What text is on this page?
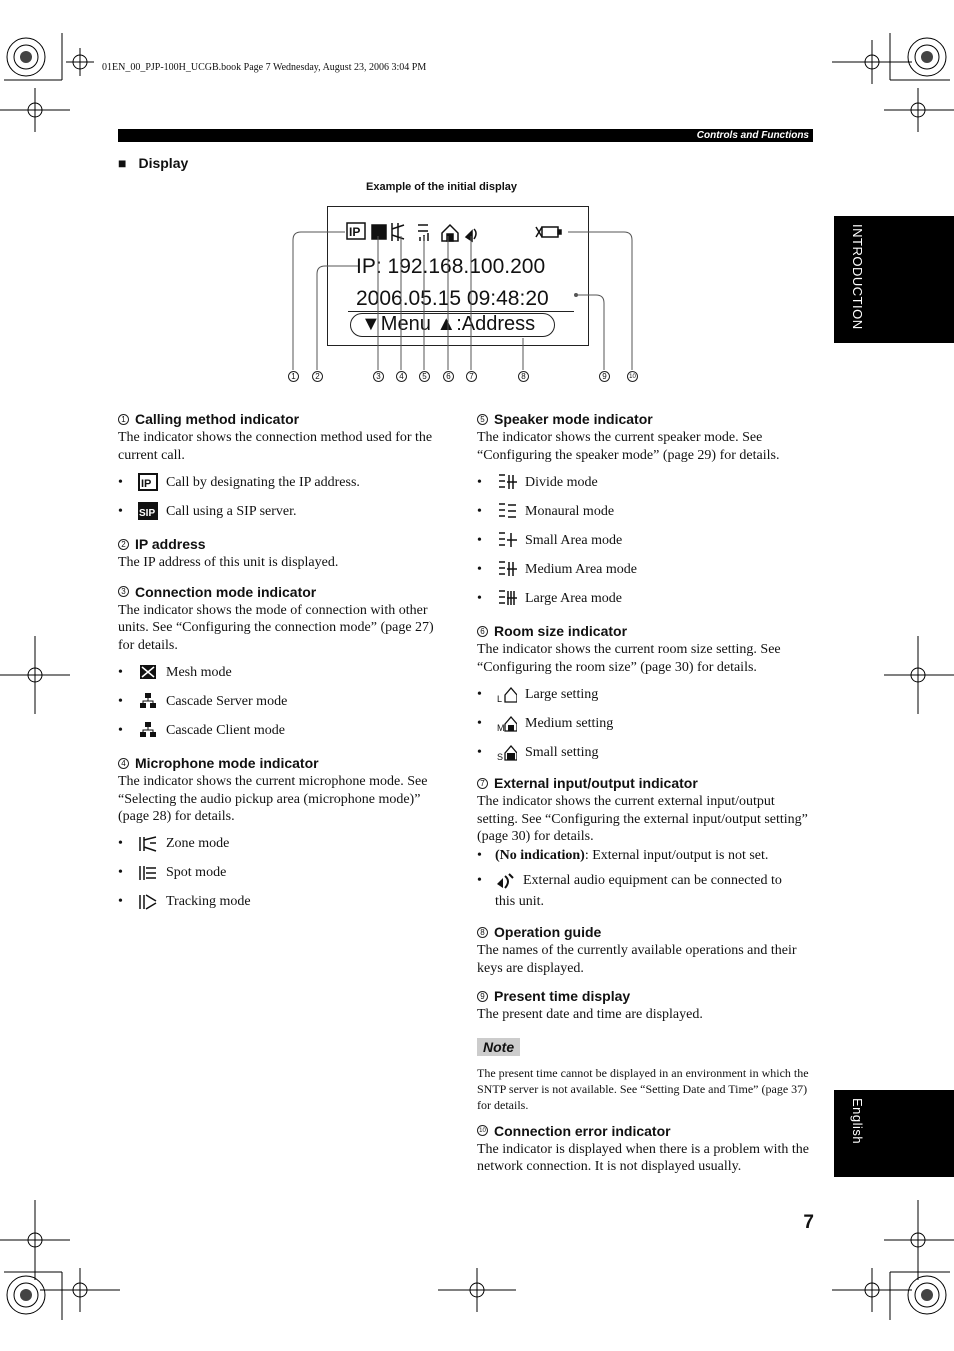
01EN_00_PJP-100H_UCGB.book Page 7 Wednesday, August 23, 2006 3:04 PM
Controls and Functions
INTRODUCTION
English
■ Display
Example of the initial display
IP
IP: 192.168.100.200
2006.05.15 09:48:20
▼Menu ▲:Address
1	2	3	4	5	6	7	8	9	10
1 Calling method indicator
The indicator shows the connection method used for the current call.
•	IP Call by designating the IP address.
•	SIP Call using a SIP server.
2 IP address
The IP address of this unit is displayed.
3 Connection mode indicator
The indicator shows the mode of connection with other units. See “Configuring the connection mode” (page 27) for details.
•	Mesh mode
•	Cascade Server mode
•	Cascade Client mode
4 Microphone mode indicator
The indicator shows the current microphone mode. See “Selecting the audio pickup area (microphone mode)” (page 28) for details.
•	Zone mode
•	Spot mode
•	Tracking mode
5 Speaker mode indicator
The indicator shows the current speaker mode. See “Configuring the speaker mode” (page 29) for details.
•	Divide mode
•	Monaural mode
•	Small Area mode
•	Medium Area mode
•	Large Area mode
6 Room size indicator
The indicator shows the current room size setting. See “Configuring the room size” (page 30) for details.
•	L Large setting
•	M Medium setting
•	S Small setting
7 External input/output indicator
The indicator shows the current external input/output setting. See “Configuring the external input/output setting” (page 30) for details.
• (No indication): External input/output is not set.
•	External audio equipment can be connected to
this unit.
8 Operation guide
The names of the currently available operations and their keys are displayed.
9 Present time display
The present date and time are displayed.
Note
The present time cannot be displayed in an environment in which the SNTP server is not available. See “Setting Date and Time” (page 37) for details.
10 Connection error indicator
The indicator is displayed when there is a problem with the network connection. It is not displayed usually.
7
